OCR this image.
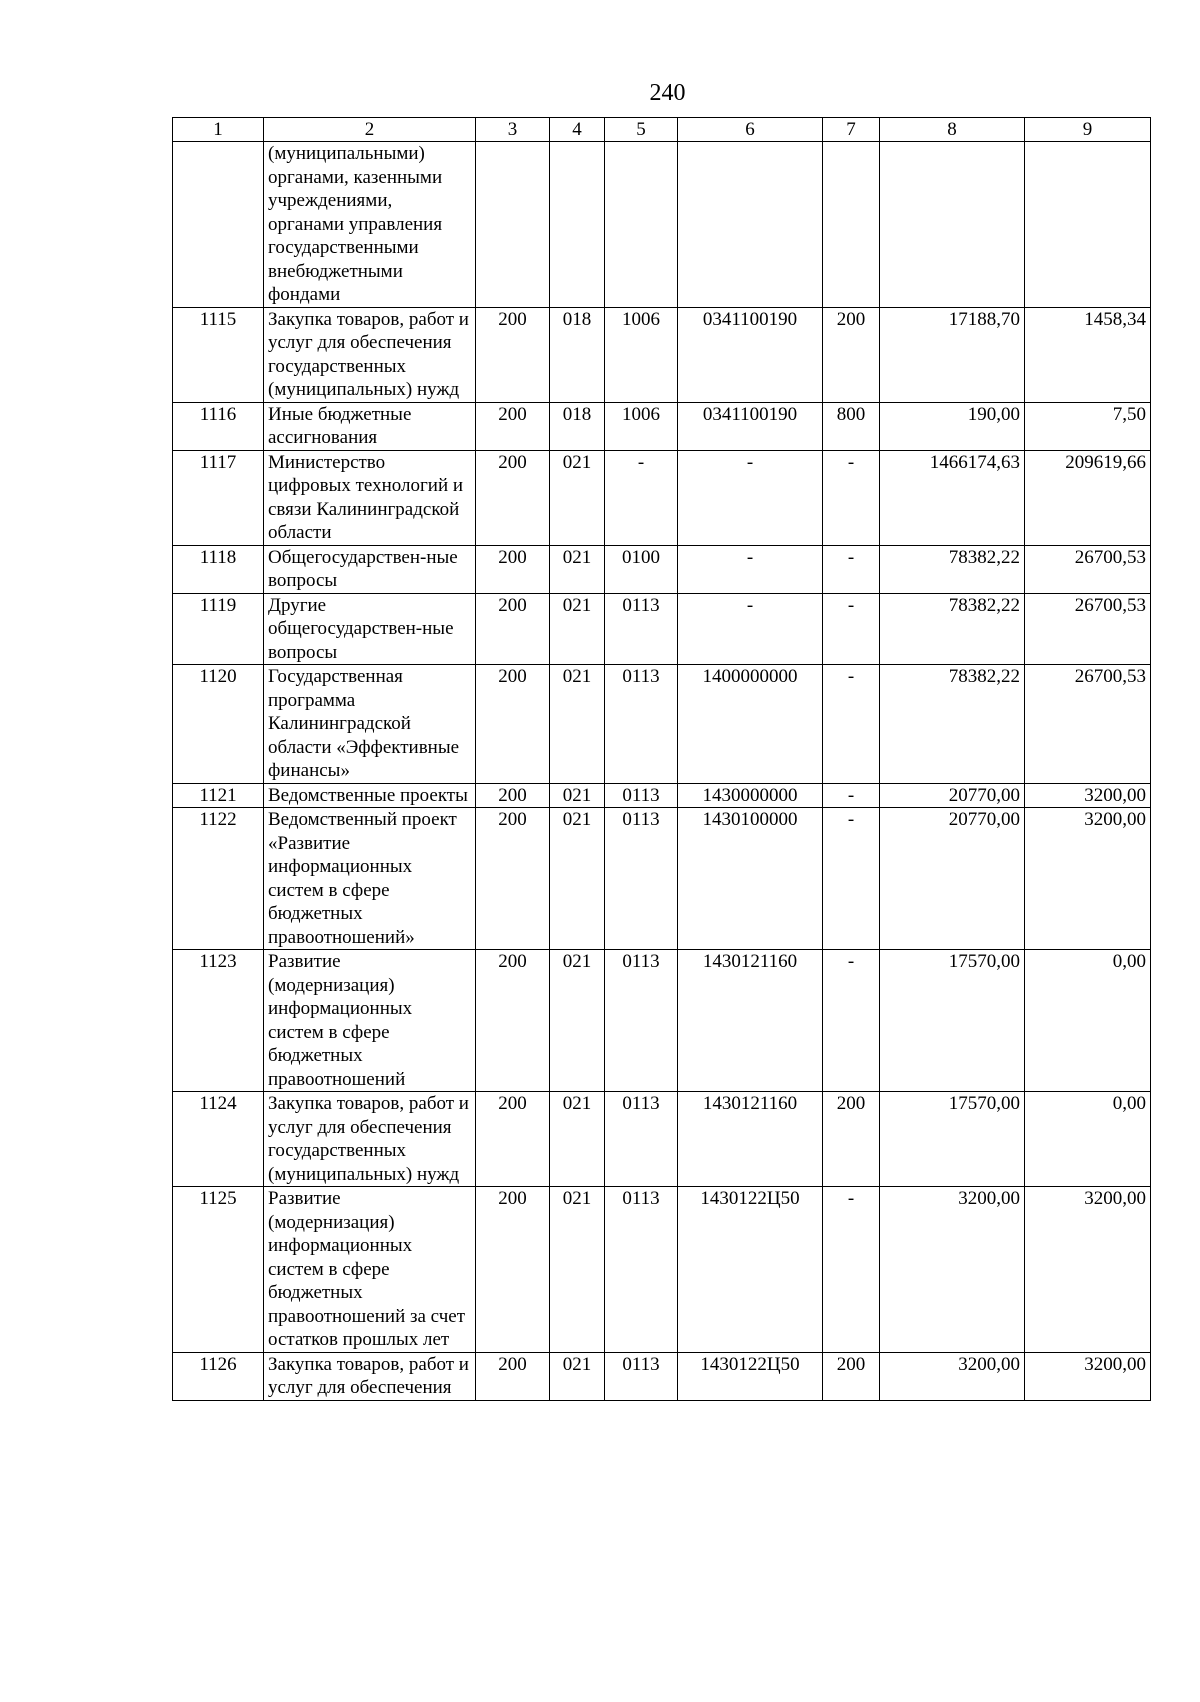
240
1	2	3	4	5	6	7	8	9
	(муниципальными) органами, казенными учреждениями, органами управления государственными внебюджетными фондами							
1115	Закупка товаров, работ и услуг для обеспечения государственных (муниципальных) нужд	200	018	1006	0341100190	200	17188,70	1458,34
1116	Иные бюджетные ассигнования	200	018	1006	0341100190	800	190,00	7,50
1117	Министерство цифровых технологий и связи Калининградской области	200	021	-	-	-	1466174,63	209619,66
1118	Общегосударствен-ные вопросы	200	021	0100	-	-	78382,22	26700,53
1119	Другие общегосударствен-ные вопросы	200	021	0113	-	-	78382,22	26700,53
1120	Государственная программа Калининградской области «Эффективные финансы»	200	021	0113	1400000000	-	78382,22	26700,53
1121	Ведомственные проекты	200	021	0113	1430000000	-	20770,00	3200,00
1122	Ведомственный проект «Развитие информационных систем в сфере бюджетных правоотношений»	200	021	0113	1430100000	-	20770,00	3200,00
1123	Развитие (модернизация) информационных систем в сфере бюджетных правоотношений	200	021	0113	1430121160	-	17570,00	0,00
1124	Закупка товаров, работ и услуг для обеспечения государственных (муниципальных) нужд	200	021	0113	1430121160	200	17570,00	0,00
1125	Развитие (модернизация) информационных систем в сфере бюджетных правоотношений за счет остатков прошлых лет	200	021	0113	1430122Ц50	-	3200,00	3200,00
1126	Закупка товаров, работ и услуг для обеспечения	200	021	0113	1430122Ц50	200	3200,00	3200,00
